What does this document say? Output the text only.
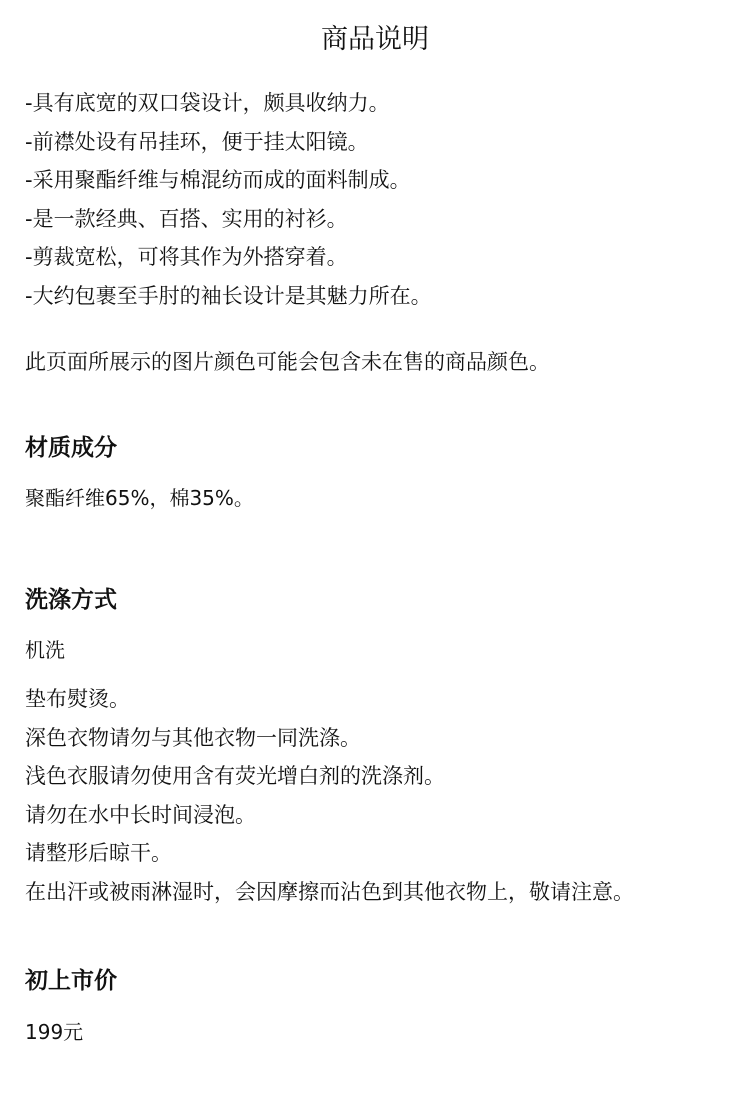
商品说明
-具有底宽的双口袋设计，颇具收纳力。
-前襟处设有吊挂环，便于挂太阳镜。
-采用聚酯纤维与棉混纺而成的面料制成。
-是一款经典、百搭、实用的衬衫。
-剪裁宽松，可将其作为外搭穿着。
-大约包裹至手肘的袖长设计是其魅力所在。

此页面所展示的图片颜色可能会包含未在售的商品颜色。

材质成分

聚酯纤维65%，棉35%。

洗涤方式

机洗

垫布熨烫。

深色衣物请勿与其他衣物一同洗涤。

浅色衣服请勿使用含有荧光增白剂的洗涤剂。

请勿在水中长时间浸泡。

请整形后晾干。

在出汗或被雨淋湿时，会因摩擦而沾色到其他衣物上，敬请注意。

初上市价

199元
